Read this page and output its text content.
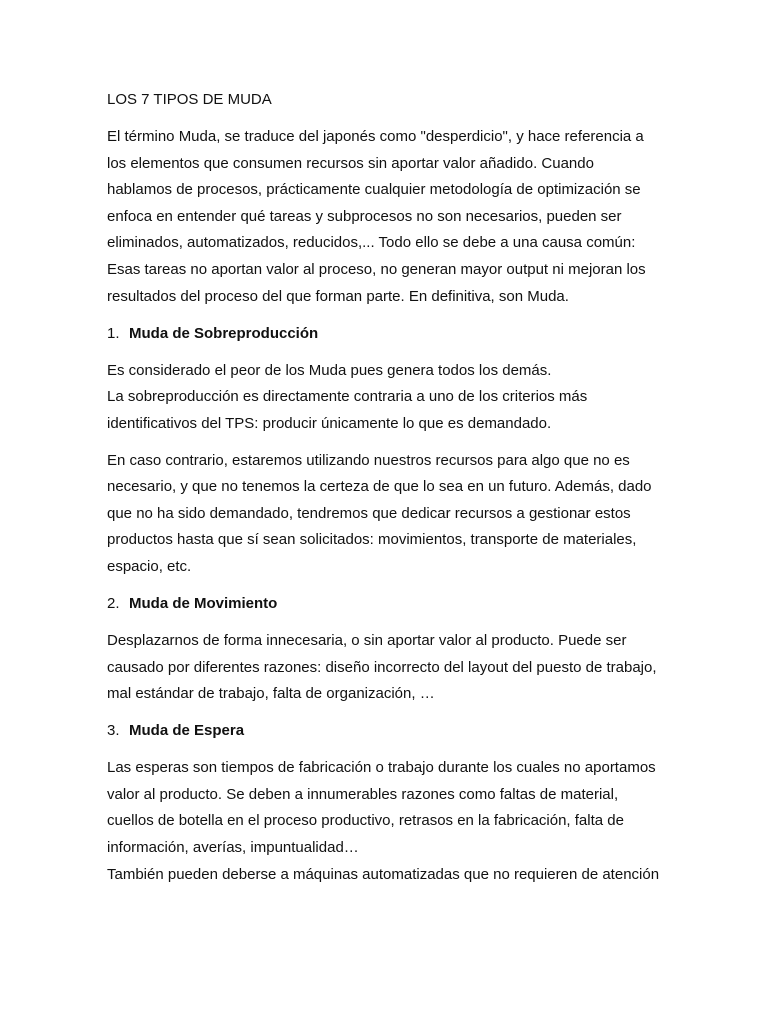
LOS 7 TIPOS DE MUDA

El término Muda, se traduce del japonés como "desperdicio", y hace referencia a
los elementos que consumen recursos sin aportar valor añadido. Cuando
hablamos de procesos, prácticamente cualquier metodología de optimización se
enfoca en entender qué tareas y subprocesos no son necesarios, pueden ser
eliminados, automatizados, reducidos,... Todo ello se debe a una causa común:
Esas tareas no aportan valor al proceso, no generan mayor output ni mejoran los
resultados del proceso del que forman parte. En definitiva, son Muda.

1. Muda de Sobreproducción

Es considerado el peor de los Muda pues genera todos los demás.
La sobreproducción es directamente contraria a uno de los criterios más
identificativos del TPS: producir únicamente lo que es demandado.

En caso contrario, estaremos utilizando nuestros recursos para algo que no es
necesario, y que no tenemos la certeza de que lo sea en un futuro. Además, dado
que no ha sido demandado, tendremos que dedicar recursos a gestionar estos
productos hasta que sí sean solicitados: movimientos, transporte de materiales,
espacio, etc.

2. Muda de Movimiento

Desplazarnos de forma innecesaria, o sin aportar valor al producto. Puede ser
causado por diferentes razones: diseño incorrecto del layout del puesto de trabajo,
mal estándar de trabajo, falta de organización, …

3. Muda de Espera

Las esperas son tiempos de fabricación o trabajo durante los cuales no aportamos
valor al producto. Se deben a innumerables razones como faltas de material,
cuellos de botella en el proceso productivo, retrasos en la fabricación, falta de
información, averías, impuntualidad…
También pueden deberse a máquinas automatizadas que no requieren de atención
